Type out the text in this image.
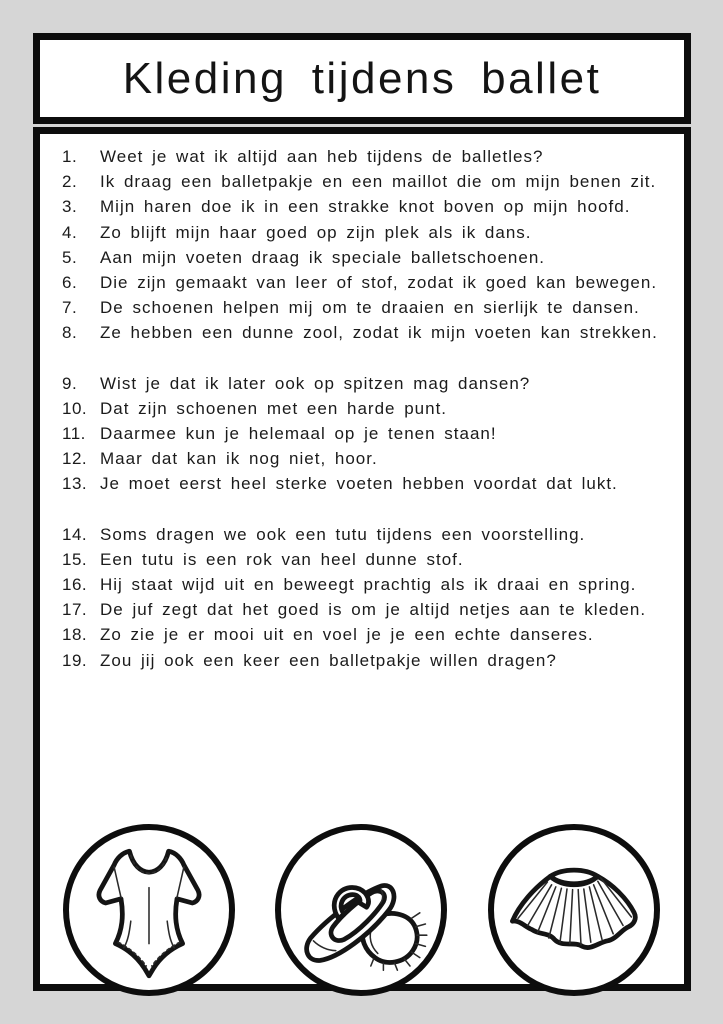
Kleding tijdens ballet
1.	Weet je wat ik altijd aan heb tijdens de balletles?
2.	Ik draag een balletpakje en een maillot die om mijn benen zit.
3.	Mijn haren doe ik in een strakke knot boven op mijn hoofd.
4.	Zo blijft mijn haar goed op zijn plek als ik dans.
5.	Aan mijn voeten draag ik speciale balletschoenen.
6.	Die zijn gemaakt van leer of stof, zodat ik goed kan bewegen.
7.	De schoenen helpen mij om te draaien en sierlijk te dansen.
8.	Ze hebben een dunne zool, zodat ik mijn voeten kan strekken.
9.	Wist je dat ik later ook op spitzen mag dansen?
10. Dat zijn schoenen met een harde punt.
11. Daarmee kun je helemaal op je tenen staan!
12. Maar dat kan ik nog niet, hoor.
13. Je moet eerst heel sterke voeten hebben voordat dat lukt.
14. Soms dragen we ook een tutu tijdens een voorstelling.
15. Een tutu is een rok van heel dunne stof.
16. Hij staat wijd uit en beweegt prachtig als ik draai en spring.
17. De juf zegt dat het goed is om je altijd netjes aan te kleden.
18. Zo zie je er mooi uit en voel je je een echte danseres.
19. Zou jij ook een keer een balletpakje willen dragen?
